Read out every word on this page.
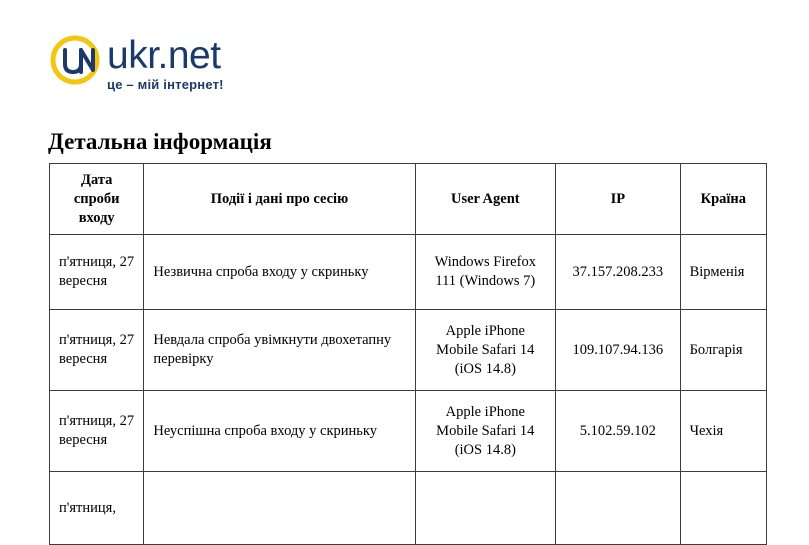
ukr.net
це – мій інтернет!
Детальна інформація
Дата
спроби
входу	Події і дані про сесію	User Agent	IP	Країна
п'ятниця, 27 вересня	Незвична спроба входу у скриньку	Windows Firefox 111 (Windows 7)	37.157.208.233	Вірменія
п'ятниця, 27 вересня	Невдала спроба увімкнути двохетапну перевірку	Apple iPhone Mobile Safari 14 (iOS 14.8)	109.107.94.136	Болгарія
п'ятниця, 27 вересня	Неуспішна спроба входу у скриньку	Apple iPhone Mobile Safari 14 (iOS 14.8)	5.102.59.102	Чехія
п'ятниця,				
